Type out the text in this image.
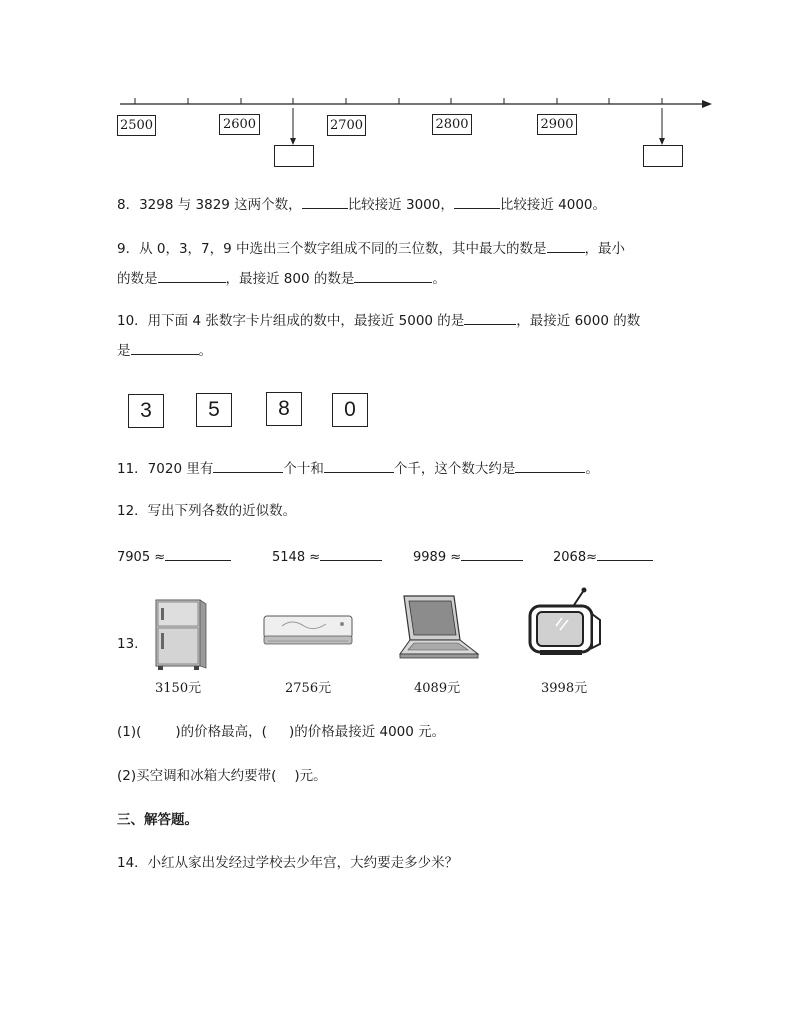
2500	2600	2700	2800	2900
8．3298 与 3829 这两个数，	比较接近 3000，	比较接近 4000。
9．从 0，3，7，9 中选出三个数字组成不同的三位数，其中最大的数是	，最小
的数是	，最接近 800 的数是	。
10．用下面 4 张数字卡片组成的数中，最接近 5000 的是	，最接近 6000 的数
是	。
3	5	8	0
11．7020 里有	个十和	个千，这个数大约是	。
12．写出下列各数的近似数。
7905 ≈	5148 ≈	9989 ≈	2068≈
13.
3150元	2756元	4089元	3998元
(1)(	)的价格最高，( )的价格最接近 4000 元。
(2)买空调和冰箱大约要带( )元。
三、解答题。
14．小红从家出发经过学校去少年宫，大约要走多少米？
